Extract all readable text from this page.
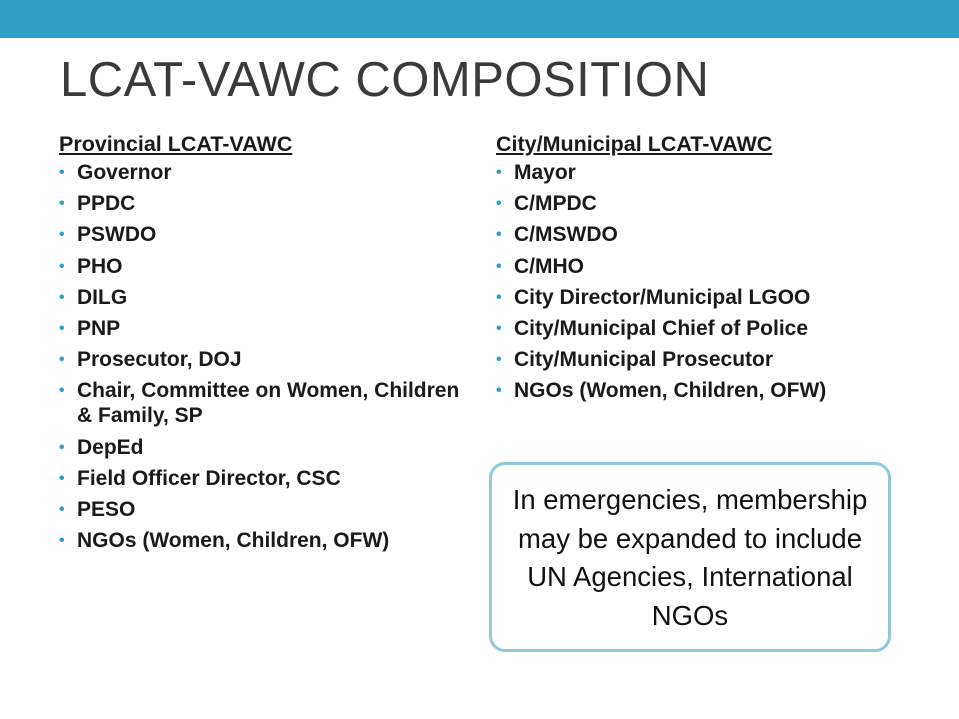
LCAT-VAWC COMPOSITION
Provincial LCAT-VAWC
• Governor
• PPDC
• PSWDO
• PHO
• DILG
• PNP
• Prosecutor, DOJ
• Chair, Committee on Women, Children & Family, SP
• DepEd
• Field Officer Director, CSC
• PESO
• NGOs (Women, Children, OFW)
City/Municipal LCAT-VAWC
• Mayor
• C/MPDC
• C/MSWDO
• C/MHO
• City Director/Municipal LGOO
• City/Municipal Chief of Police
• City/Municipal Prosecutor
• NGOs (Women, Children, OFW)
In emergencies, membership may be expanded to include UN Agencies, International NGOs
